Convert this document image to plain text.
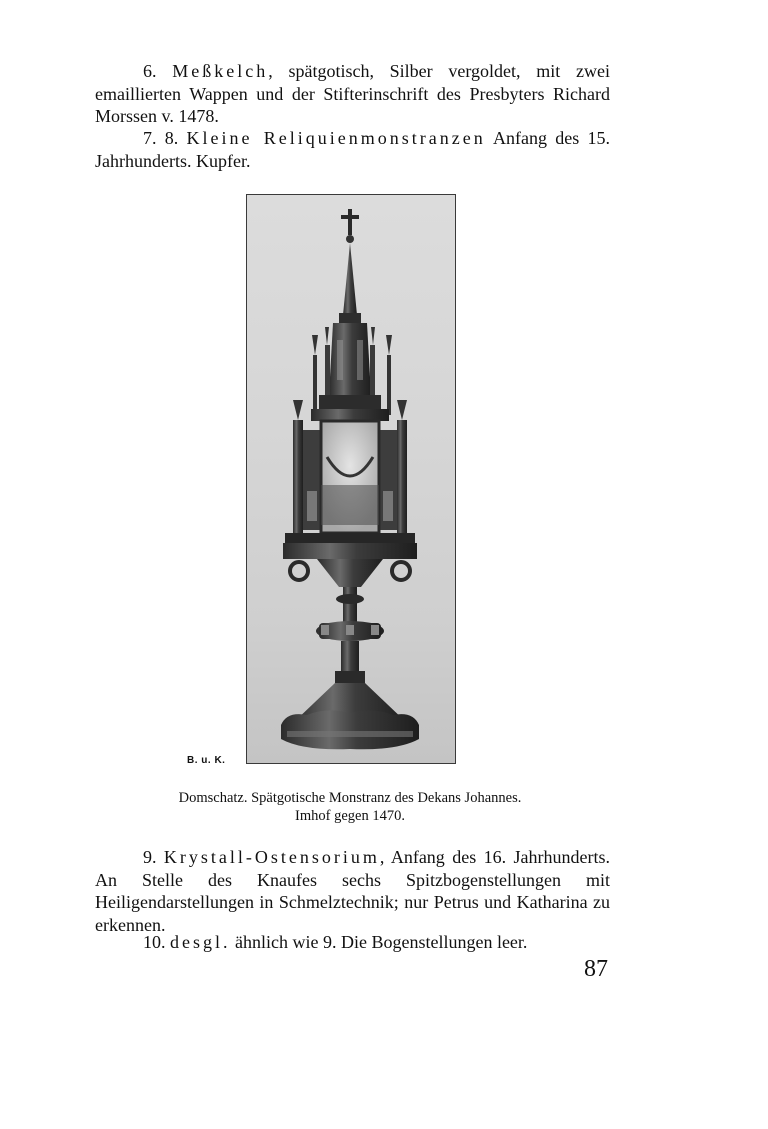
6. Meßkelch, spätgotisch, Silber vergoldet, mit zwei emaillierten Wappen und der Stifterinschrift des Presbyters Richard Morssen v. 1478.

7. 8. Kleine Reliquienmonstranzen Anfang des 15. Jahrhunderts. Kupfer.

B. u. K.
Domschatz. Spätgotische Monstranz des Dekans Johannes.
Imhof gegen 1470.

9. Krystall-Ostensorium, Anfang des 16. Jahrhunderts. An Stelle des Knaufes sechs Spitzbogenstellungen mit Heiligendarstellungen in Schmelztechnik; nur Petrus und Katharina zu erkennen.

10. desgl. ähnlich wie 9. Die Bogenstellungen leer.

87
